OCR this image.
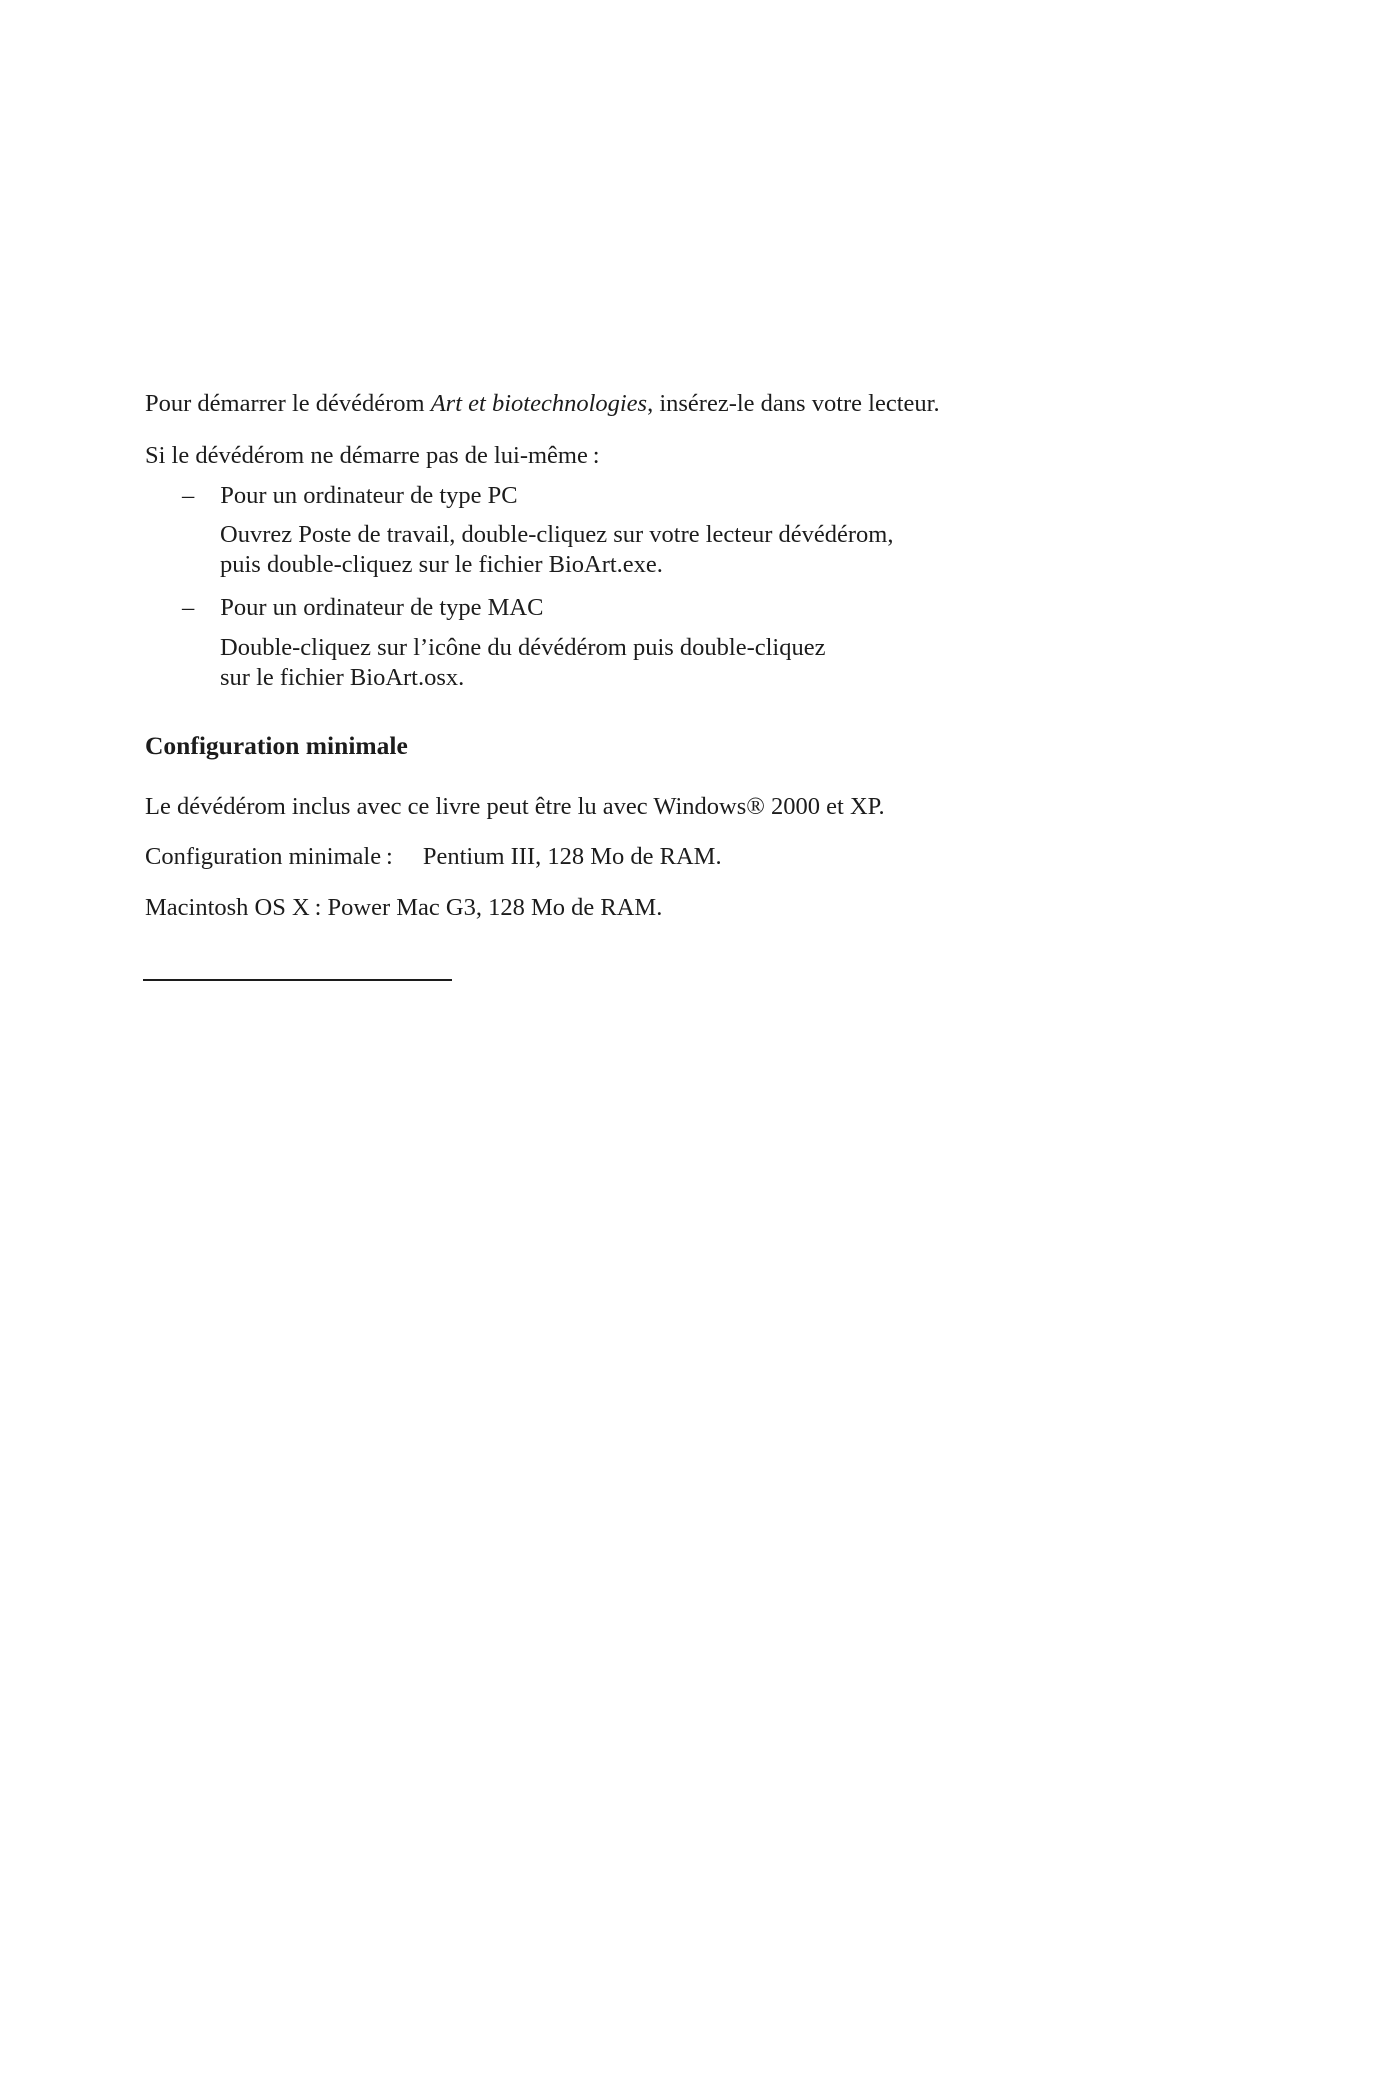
Pour démarrer le dévédérom Art et biotechnologies, insérez-le dans votre lecteur.
Si le dévédérom ne démarre pas de lui-même :
– Pour un ordinateur de type PC
Ouvrez Poste de travail, double-cliquez sur votre lecteur dévédérom,
puis double-cliquez sur le fichier BioArt.exe.
– Pour un ordinateur de type MAC
Double-cliquez sur l’icône du dévédérom puis double-cliquez
sur le fichier BioArt.osx.
Configuration minimale
Le dévédérom inclus avec ce livre peut être lu avec Windows® 2000 et XP.
Configuration minimale : Pentium III, 128 Mo de RAM.
Macintosh OS X : Power Mac G3, 128 Mo de RAM.
